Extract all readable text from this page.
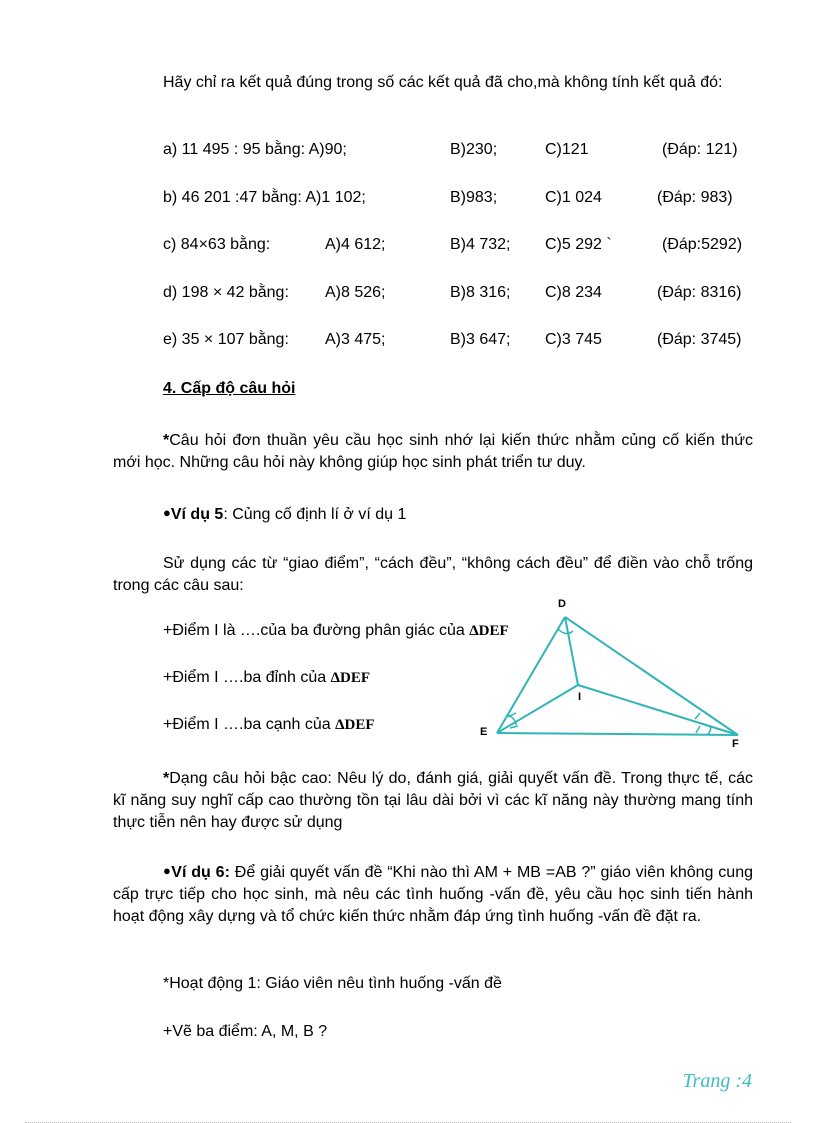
Hãy chỉ ra kết quả đúng trong số các kết quả đã cho,mà không tính kết quả đó:
a) 11 495 : 95 bằng: A)90;	B)230;	C)121	(Đáp: 121)
b) 46 201 :47 bằng: A)1 102;	B)983;	C)1 024	(Đáp: 983)
c) 84×63 bằng:	A)4 612;	B)4 732; C)5 292 `	(Đáp:5292)
d) 198 × 42 bằng: A)8 526;	B)8 316; C)8 234	(Đáp: 8316)
e) 35 × 107 bằng: A)3 475;	B)3 647; C)3 745	(Đáp: 3745)
4. Cấp độ câu hỏi
*Câu hỏi đơn thuần yêu cầu học sinh nhớ lại kiến thức nhằm củng cố kiến thức mới học. Những câu hỏi này không giúp học sinh phát triển tư duy.
●Ví dụ 5: Củng cố định lí ở ví dụ 1
Sử dụng các từ “giao điểm”, “cách đều”, “không cách đều” để điền vào chỗ trống trong các câu sau:
+Điểm I là ….của ba đường phân giác của ΔDEF
+Điểm I ….ba đỉnh của ΔDEF
+Điểm I ….ba cạnh của ΔDEF
D
E
F
I
*Dạng câu hỏi bậc cao: Nêu lý do, đánh giá, giải quyết vấn đề. Trong thực tế, các kĩ năng suy nghĩ cấp cao thường tồn tại lâu dài bởi vì các kĩ năng này thường mang tính thực tiễn nên hay được sử dụng
●Ví dụ 6: Để giải quyết vấn đề “Khi nào thì AM + MB =AB ?” giáo viên không cung cấp trực tiếp cho học sinh, mà nêu các tình huống -vấn đề, yêu cầu học sinh tiến hành hoạt động xây dựng và tổ chức kiến thức nhằm đáp ứng tình huống -vấn đề đặt ra.
*Hoạt động 1: Giáo viên nêu tình huống -vấn đề
+Vẽ ba điểm: A, M, B ?
Trang :4
